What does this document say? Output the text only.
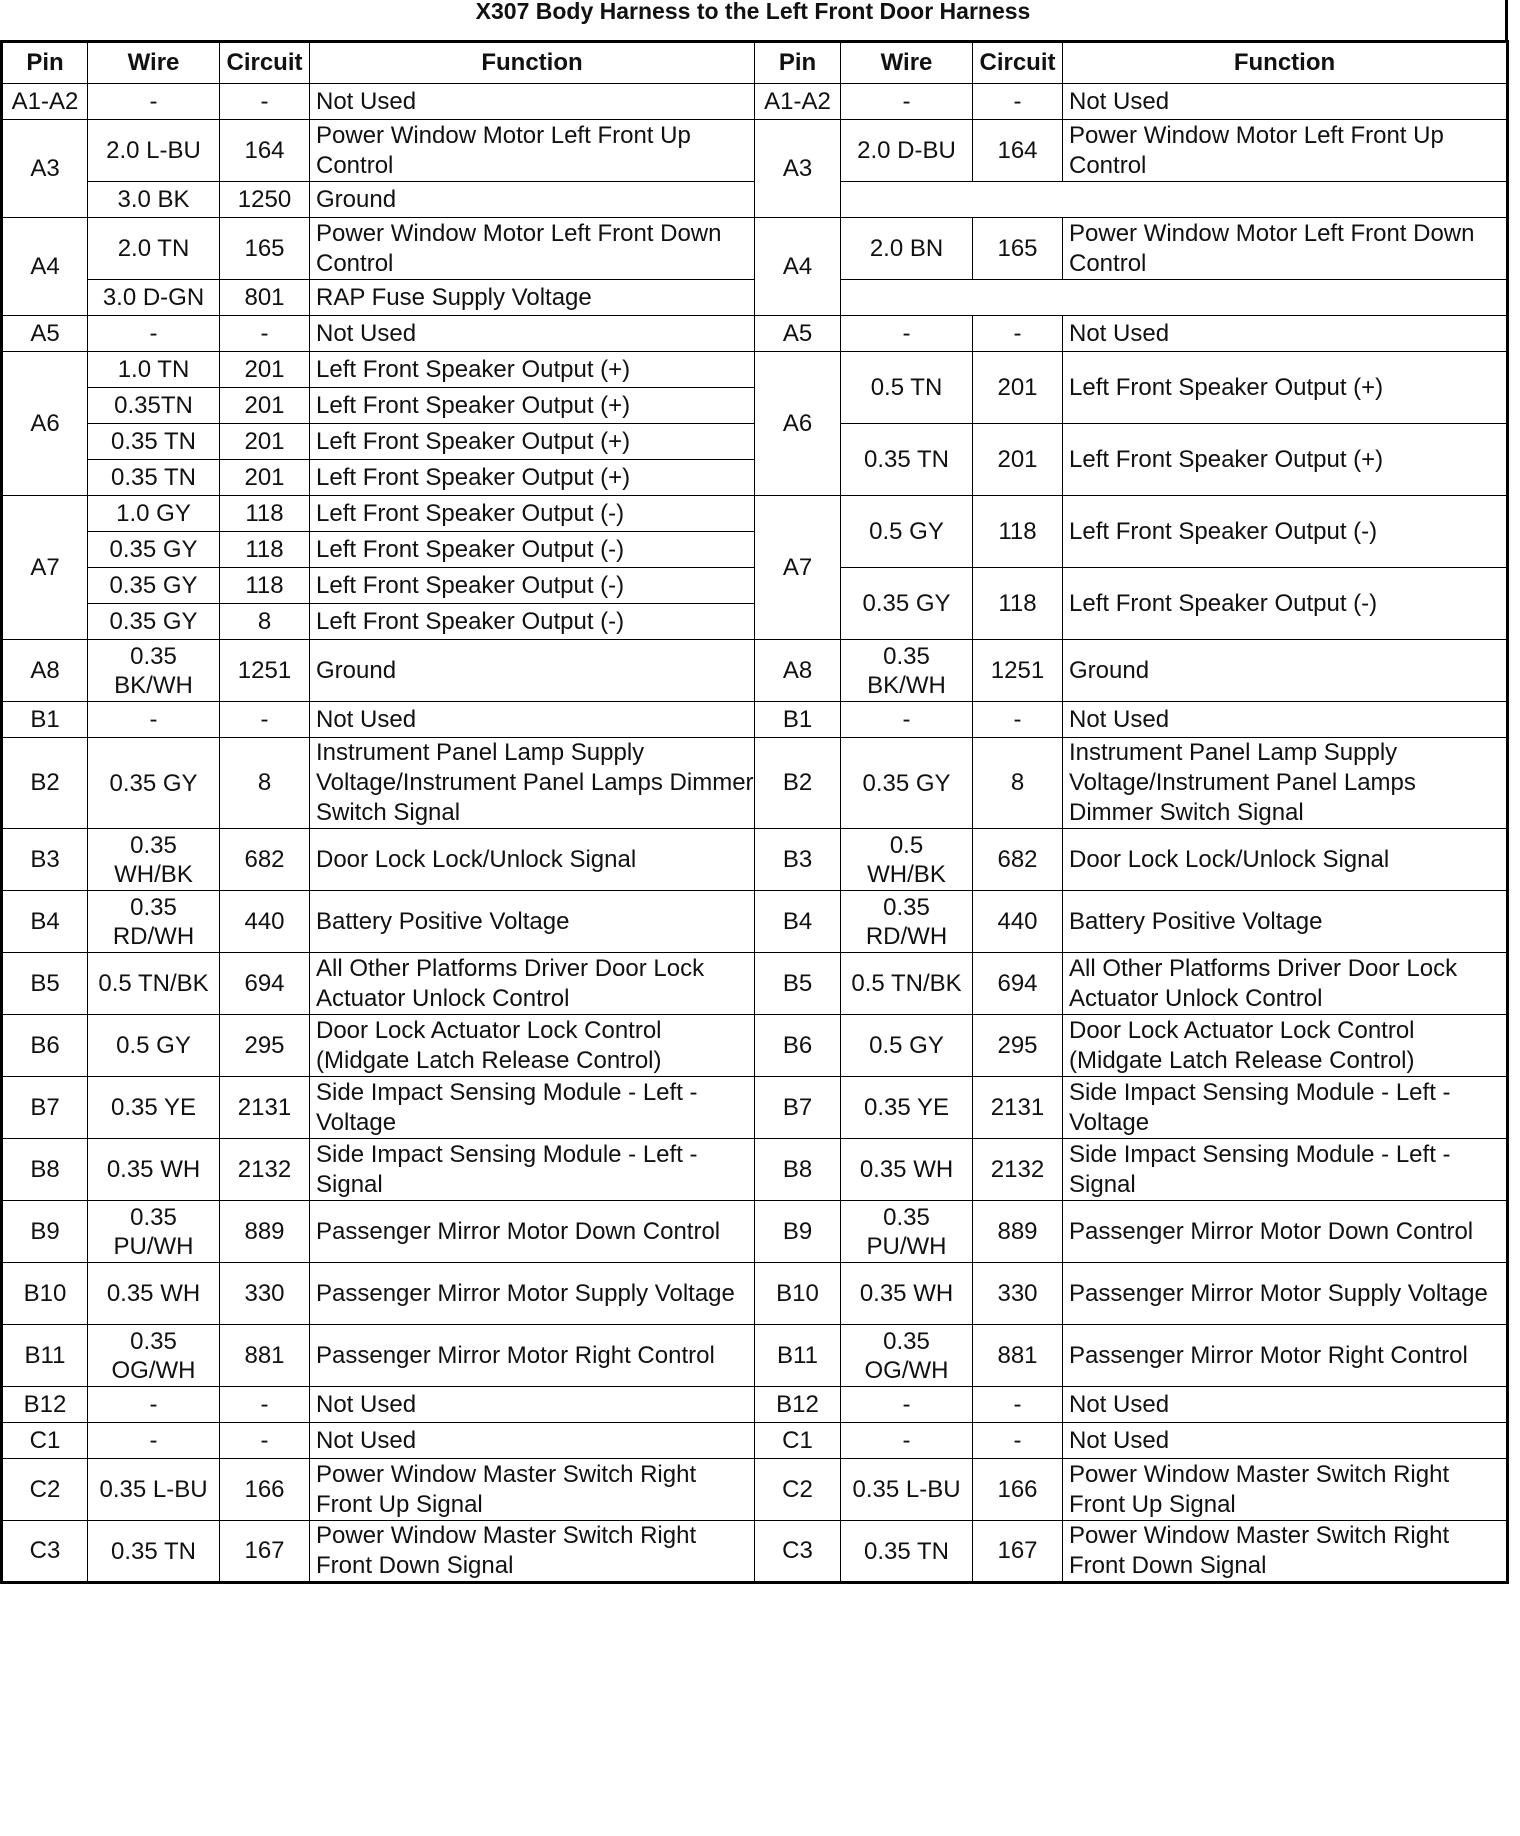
X307 Body Harness to the Left Front Door Harness
Pin	Wire	Circuit	Function	Pin	Wire	Circuit	Function
A1-A2	-	-	Not Used	A1-A2	-	-	Not Used
A3	2.0 L-BU	164	Power Window Motor Left Front Up Control	A3	2.0 D-BU	164	Power Window Motor Left Front Up Control
	3.0 BK	1250	Ground				
A4	2.0 TN	165	Power Window Motor Left Front Down Control	A4	2.0 BN	165	Power Window Motor Left Front Down Control
	3.0 D-GN	801	RAP Fuse Supply Voltage				
A5	-	-	Not Used	A5	-	-	Not Used
A6	1.0 TN	201	Left Front Speaker Output (+)	A6	0.5 TN	201	Left Front Speaker Output (+)
	0.35TN	201	Left Front Speaker Output (+)				
	0.35 TN	201	Left Front Speaker Output (+)		0.35 TN	201	Left Front Speaker Output (+)
	0.35 TN	201	Left Front Speaker Output (+)				
A7	1.0 GY	118	Left Front Speaker Output (-)	A7	0.5 GY	118	Left Front Speaker Output (-)
	0.35 GY	118	Left Front Speaker Output (-)				
	0.35 GY	118	Left Front Speaker Output (-)		0.35 GY	118	Left Front Speaker Output (-)
	0.35 GY	8	Left Front Speaker Output (-)				
A8	0.35 BK/WH	1251	Ground	A8	0.35 BK/WH	1251	Ground
B1	-	-	Not Used	B1	-	-	Not Used
B2	0.35 GY	8	Instrument Panel Lamp Supply Voltage/Instrument Panel Lamps Dimmer Switch Signal	B2	0.35 GY	8	Instrument Panel Lamp Supply Voltage/Instrument Panel Lamps Dimmer Switch Signal
B3	0.35 WH/BK	682	Door Lock Lock/Unlock Signal	B3	0.5 WH/BK	682	Door Lock Lock/Unlock Signal
B4	0.35 RD/WH	440	Battery Positive Voltage	B4	0.35 RD/WH	440	Battery Positive Voltage
B5	0.5 TN/BK	694	All Other Platforms Driver Door Lock Actuator Unlock Control	B5	0.5 TN/BK	694	All Other Platforms Driver Door Lock Actuator Unlock Control
B6	0.5 GY	295	Door Lock Actuator Lock Control (Midgate Latch Release Control)	B6	0.5 GY	295	Door Lock Actuator Lock Control (Midgate Latch Release Control)
B7	0.35 YE	2131	Side Impact Sensing Module - Left - Voltage	B7	0.35 YE	2131	Side Impact Sensing Module - Left - Voltage
B8	0.35 WH	2132	Side Impact Sensing Module - Left - Signal	B8	0.35 WH	2132	Side Impact Sensing Module - Left - Signal
B9	0.35 PU/WH	889	Passenger Mirror Motor Down Control	B9	0.35 PU/WH	889	Passenger Mirror Motor Down Control
B10	0.35 WH	330	Passenger Mirror Motor Supply Voltage	B10	0.35 WH	330	Passenger Mirror Motor Supply Voltage
B11	0.35 OG/WH	881	Passenger Mirror Motor Right Control	B11	0.35 OG/WH	881	Passenger Mirror Motor Right Control
B12	-	-	Not Used	B12	-	-	Not Used
C1	-	-	Not Used	C1	-	-	Not Used
C2	0.35 L-BU	166	Power Window Master Switch Right Front Up Signal	C2	0.35 L-BU	166	Power Window Master Switch Right Front Up Signal
C3	0.35 TN	167	Power Window Master Switch Right Front Down Signal	C3	0.35 TN	167	Power Window Master Switch Right Front Down Signal
